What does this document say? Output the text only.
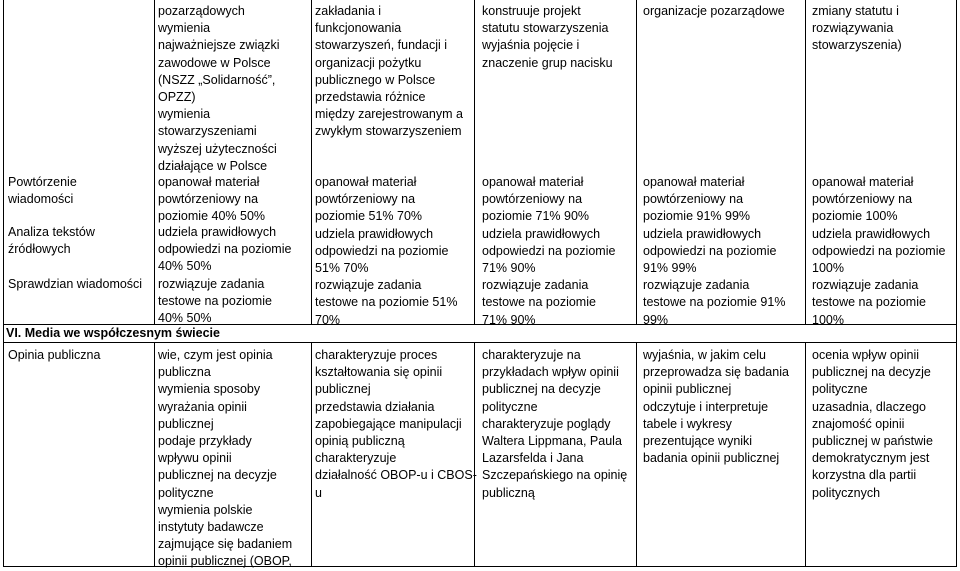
Powtórzenie
wiadomości
Analiza tekstów
źródłowych
Sprawdzian wiadomości
VI. Media we współczesnym świecie
Opinia publiczna
pozarządowych
wymienia
najważniejsze związki
zawodowe w Polsce
(NSZZ „Solidarność”,
OPZZ)
wymienia
stowarzyszeniami
wyższej użyteczności
działające w Polsce
opanował materiał
powtórzeniowy na
poziomie 40% 50%
udziela prawidłowych
odpowiedzi na poziomie
40% 50%
rozwiązuje zadania
testowe na poziomie
40% 50%
wie, czym jest opinia
publiczna
wymienia sposoby
wyrażania opinii
publicznej
podaje przykłady
wpływu opinii
publicznej na decyzje
polityczne
wymienia polskie
instytuty badawcze
zajmujące się badaniem
opinii publicznej (OBOP,
zakładania i
funkcjonowania
stowarzyszeń, fundacji i
organizacji pożytku
publicznego w Polsce
przedstawia różnice
między zarejestrowanym a
zwykłym stowarzyszeniem
opanował materiał
powtórzeniowy na
poziomie 51% 70%
udziela prawidłowych
odpowiedzi na poziomie
51% 70%
rozwiązuje zadania
testowe na poziomie 51%
70%
charakteryzuje proces
kształtowania się opinii
publicznej
przedstawia działania
zapobiegające manipulacji
opinią publiczną
charakteryzuje
działalność OBOP-u i CBOS-
u
konstruuje projekt
statutu stowarzyszenia
wyjaśnia pojęcie i
znaczenie grup nacisku
opanował materiał
powtórzeniowy na
poziomie 71% 90%
udziela prawidłowych
odpowiedzi na poziomie
71% 90%
rozwiązuje zadania
testowe na poziomie
71% 90%
charakteryzuje na
przykładach wpływ opinii
publicznej na decyzje
polityczne
charakteryzuje poglądy
Waltera Lippmana, Paula
Lazarsfelda i Jana
Szczepańskiego na opinię
publiczną
organizacje pozarządowe
opanował materiał
powtórzeniowy na
poziomie 91% 99%
udziela prawidłowych
odpowiedzi na poziomie
91% 99%
rozwiązuje zadania
testowe na poziomie 91%
99%
wyjaśnia, w jakim celu
przeprowadza się badania
opinii publicznej
odczytuje i interpretuje
tabele i wykresy
prezentujące wyniki
badania opinii publicznej
zmiany statutu i
rozwiązywania
stowarzyszenia)
opanował materiał
powtórzeniowy na
poziomie 100%
udziela prawidłowych
odpowiedzi na poziomie
100%
rozwiązuje zadania
testowe na poziomie
100%
ocenia wpływ opinii
publicznej na decyzje
polityczne
uzasadnia, dlaczego
znajomość opinii
publicznej w państwie
demokratycznym jest
korzystna dla partii
politycznych
